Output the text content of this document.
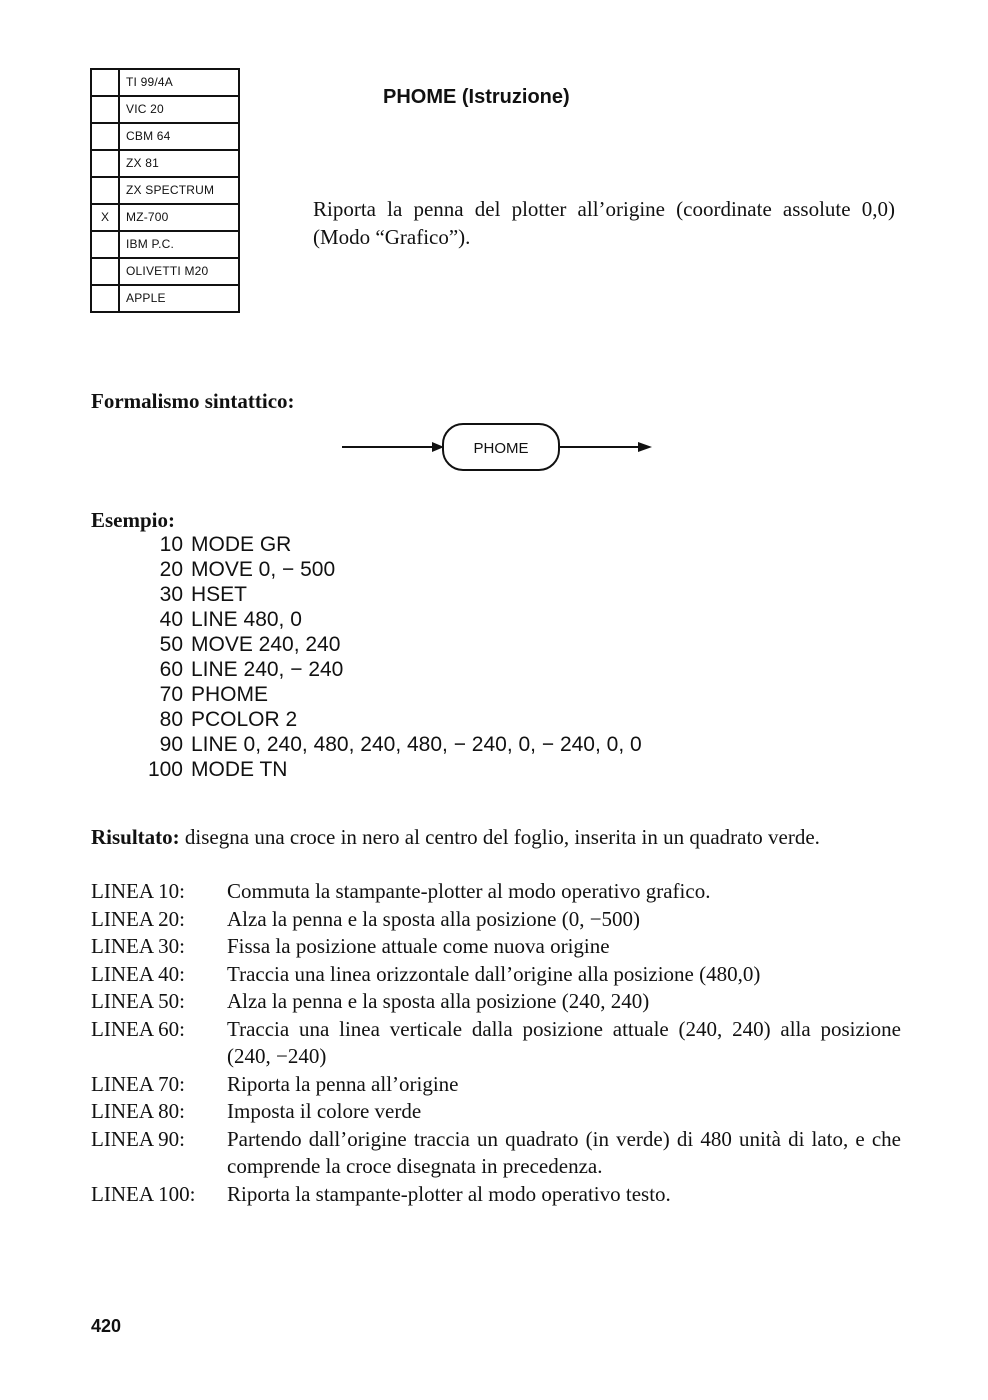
	TI 99/4A
	VIC 20
	CBM 64
	ZX 81
	ZX SPECTRUM
X	MZ-700
	IBM P.C.
	OLIVETTI M20
	APPLE
PHOME (Istruzione)
Riporta la penna del plotter all’origine (coordinate assolute 0,0) (Modo “Grafico”).
Formalismo sintattico:
PHOME
Esempio:
10 MODE GR
20 MOVE 0, − 500
30 HSET
40 LINE 480, 0
50 MOVE 240, 240
60 LINE 240, − 240
70 PHOME
80 PCOLOR 2
90 LINE 0, 240, 480, 240, 480, − 240, 0, − 240, 0, 0
100 MODE TN
Risultato: disegna una croce in nero al centro del foglio, inserita in un quadrato verde.
LINEA 10:	Commuta la stampante-plotter al modo operativo grafico.
LINEA 20:	Alza la penna e la sposta alla posizione (0, −500)
LINEA 30:	Fissa la posizione attuale come nuova origine
LINEA 40:	Traccia una linea orizzontale dall’origine alla posizione (480,0)
LINEA 50:	Alza la penna e la sposta alla posizione (240, 240)
LINEA 60:	Traccia una linea verticale dalla posizione attuale (240, 240) alla posizione (240, −240)
LINEA 70:	Riporta la penna all’origine
LINEA 80:	Imposta il colore verde
LINEA 90:	Partendo dall’origine traccia un quadrato (in verde) di 480 unità di lato, e che comprende la croce disegnata in precedenza.
LINEA 100:	Riporta la stampante-plotter al modo operativo testo.
420
